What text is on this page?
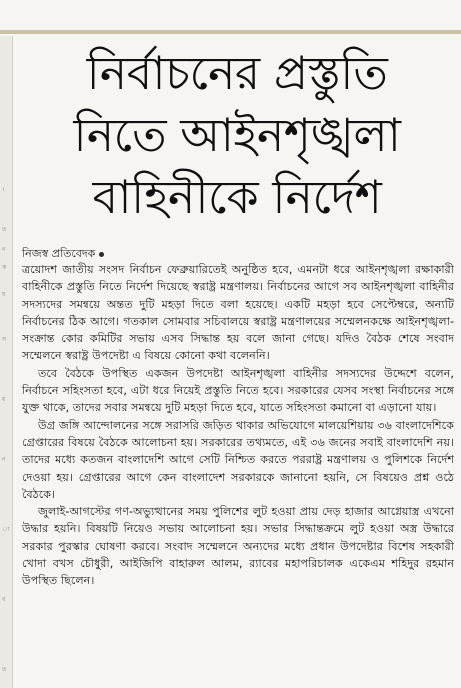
।
ত
ন
ক
য
স
য়
ন
া
ব
ত
নির্বাচনের প্রস্তুতি
নিতে আইনশৃঙ্খলা
বাহিনীকে নির্দেশ
নিজস্ব প্রতিবেদক

ত্রয়োদশ জাতীয় সংসদ নির্বাচন ফেব্রুয়ারিতেই অনুষ্ঠিত হবে, এমনটা ধরে আইনশৃঙ্খলা রক্ষাকারী বাহিনীকে প্রস্তুতি নিতে নির্দেশ দিয়েছে স্বরাষ্ট্র মন্ত্রণালয়। নির্বাচনের আগে সব আইনশৃঙ্খলা বাহিনীর সদস্যদের সমন্বয়ে অন্তত দুটি মহড়া দিতে বলা হয়েছে। একটি মহড়া হবে সেপ্টেম্বরে, অন্যটি নির্বাচনের ঠিক আগে। গতকাল সোমবার সচিবালয়ে স্বরাষ্ট্র মন্ত্রণালয়ের সম্মেলনকক্ষে আইনশৃঙ্খলা-সংক্রান্ত কোর কমিটির সভায় এসব সিদ্ধান্ত হয় বলে জানা গেছে। যদিও বৈঠক শেষে সংবাদ সম্মেলনে স্বরাষ্ট্র উপদেষ্টা এ বিষয়ে কোনো কথা বলেননি।

তবে বৈঠকে উপস্থিত একজন উপদেষ্টা আইনশৃঙ্খলা বাহিনীর সদস্যদের উদ্দেশে বলেন, নির্বাচনে সহিংসতা হবে, এটা ধরে নিয়েই প্রস্তুতি নিতে হবে। সরকারের যেসব সংস্থা নির্বাচনের সঙ্গে যুক্ত থাকে, তাদের সবার সমন্বয়ে দুটি মহড়া দিতে হবে, যাতে সহিংসতা কমানো বা এড়ানো যায়।

উগ্র জঙ্গি আন্দোলনের সঙ্গে সরাসরি জড়িত থাকার অভিযোগে মালয়েশিয়ায় ৩৬ বাংলাদেশিকে গ্রেপ্তারের বিষয়ে বৈঠকে আলোচনা হয়। সরকারের তথ্যমতে, এই ৩৬ জনের সবাই বাংলাদেশি নয়। তাদের মধ্যে কতজন বাংলাদেশি আগে সেটি নিশ্চিত করতে পররাষ্ট্র মন্ত্রণালয় ও পুলিশকে নির্দেশ দেওয়া হয়। গ্রেপ্তারের আগে কেন বাংলাদেশ সরকারকে জানানো হয়নি, সে বিষয়েও প্রশ্ন ওঠে বৈঠকে।

জুলাই-আগস্টের গণ-অভ্যুত্থানের সময় পুলিশের লুট হওয়া প্রায় দেড় হাজার আগ্নেয়াস্ত্র এখনো উদ্ধার হয়নি। বিষয়টি নিয়েও সভায় আলোচনা হয়। সভার সিদ্ধান্তক্রমে লুট হওয়া অস্ত্র উদ্ধারে সরকার পুরস্কার ঘোষণা করবে। সংবাদ সম্মেলনে অন্যদের মধ্যে প্রধান উপদেষ্টার বিশেষ সহকারী খোদা বখস চৌধুরী, আইজিপি বাহারুল আলম, র‍্যাবের মহাপরিচালক একেএম শহিদুর রহমান উপস্থিত ছিলেন।
